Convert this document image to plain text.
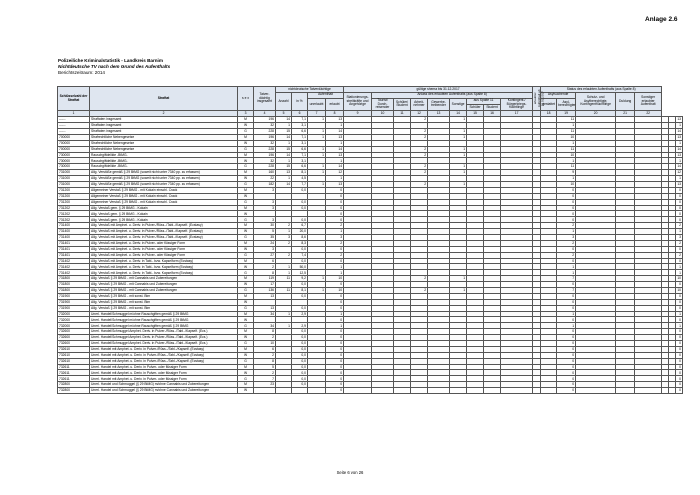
Anlage 2.6
Polizeiliche Kriminalstatistik - Landkreis Barnim
Nichtdeutsche TV nach dem Grund des Aufenthalts
Berichtszeitraum: 2014
Schlüsselzahl der Straftat	Straftat	s e x	Tatver-dächtig insgesamt	nichtdeutsche Tatverdächtige				gültige shema bis 31.12.2017									erlaubter Aufenthalt ab 01.01.2017	Status des erlaubten Aufenthalts (aus Spalte 8)							
				Anzahl	in %	Aufenthalt		Stationierungs-streitkräfte und Angehörige	Anlass des erlaubten Aufenthalts (aus Spalte 8)									Asylsuchende		Schutz- und Asylberechtigte, Kontingentflüchtlinge	Duldung	Sonstiger erlaubter Aufenthalt			
						unerlaubt	erlaubt		Tourist/ Durch-reisender	Schüler/ Student	Arbeit-nehmer	Gewerbe-treibender	Sonstige	aus Spalte 11		Kontingent-/ Bürgerkriegs-flüchtlinge		gestattet	Asyl-berechtigter						
														Schüler	Student										
1	2	3	4	5	6	7	8	9	10	11	12	13	14	15	16	17		18	19	20	21	22			
------	Straftaten insgesamt	M	196	14	7,1	1	13				2		1						11						13
------	Straftaten insgesamt	W	32	1	3,1		1												1						1
------	Straftaten insgesamt	G	228	15	6,6	1	14				2		1						11						14
700000	Strafrechtliche Nebengesetze	M	196	14	7,1	1	13				2		1						10						13
700000	Strafrechtliche Nebengesetze	W	32	1	3,1		1												1						1
700000	Strafrechtliche Nebengesetze	G	228	15	6,6	1	14				2		1						11						14
730000	Rauschgiftdelikte -BtMG-	M	196	14	7,1	1	13				2		1						10						13
730000	Rauschgiftdelikte -BtMG-	W	32	1	3,1		1												1						1
730000	Rauschgiftdelikte -BtMG-	G	228	15	6,6	1	14				2		1						11						14
731000	Allg. Verstöße gemäß § 29 BtMG (soweit nicht unter 7340 pp. zu erfassen)	M	160	13	8,1	1	12				2		1						9						12
731000	Allg. Verstöße gemäß § 29 BtMG (soweit nicht unter 7340 pp. zu erfassen)	W	22	1	4,5		1												1						1
731000	Allg. Verstöße gemäß § 29 BtMG (soweit nicht unter 7340 pp. zu erfassen)	G	182	14	7,7	1	13				2		1						10						13
731200	Allgemeiner Verstoß § 29 BtMG - mit Kokain einschl. Crack	M	3		0,0		0												0						0
731200	Allgemeiner Verstoß § 29 BtMG - mit Kokain einschl. Crack	W					0												0						0
731200	Allgemeiner Verstoß § 29 BtMG - mit Kokain einschl. Crack	G	3		0,0		0												0						0
731202	Allg. Verstoß gem. § 29 BtMG - Kokain	M	3		0,0		0												0						0
731202	Allg. Verstoß gem. § 29 BtMG - Kokain	W					0												0						0
731202	Allg. Verstoß gem. § 29 BtMG - Kokain	G	3		0,0		0												0						0
731400	Allg. Verstoß mit Amphet. u. Deriv. in Pulver-/Rüss.-/Tabl.-/Kapself. (Ecstasy)	M	30	2	6,7		2												2						2
731400	Allg. Verstoß mit Amphet. u. Deriv. in Pulver-/Rüss.-/Tabl.-/Kapself. (Ecstasy)	W	5	1	20,0		1												1						1
731400	Allg. Verstoß mit Amphet. u. Deriv. in Pulver-/Rüss.-/Tabl.-/Kapself. (Ecstasy)	G	35	3	8,6		3												3						3
731401	Allg. Verstoß mit Amphet. u. Deriv. in Pulver- oder flüssiger Form	M	24	2	8,3		2												2						2
731401	Allg. Verstoß mit Amphet. u. Deriv. in Pulver- oder flüssiger Form	W	3		0,0		0												0						0
731401	Allg. Verstoß mit Amphet. u. Deriv. in Pulver- oder flüssiger Form	G	27	2	7,4		2												2						2
731402	Allg. Verstoß mit Amphet. u. Deriv. in Tabl.- bzw. Kapselform (Ecstasy)	M	6		0,0		0												0						0
731402	Allg. Verstoß mit Amphet. u. Deriv. in Tabl.- bzw. Kapselform (Ecstasy)	W	2	1	50,0		1												1						1
731402	Allg. Verstoß mit Amphet. u. Deriv. in Tabl.- bzw. Kapselform (Ecstasy)	G	8	1	12,5		1												1						1
731800	Allg. Verstoß § 29 BtMG - mit Cannabis und Zubereitungen	M	119	11	9,2	1	10				2		1						7						10
731800	Allg. Verstoß § 29 BtMG - mit Cannabis und Zubereitungen	W	17		0,0		0												0						0
731800	Allg. Verstoß § 29 BtMG - mit Cannabis und Zubereitungen	G	136	11	8,1	1	10				2		1						7						10
731900	Allg. Verstoß § 29 BtMG - mit sonst. Btm	M	13		0,0		0												0						0
731900	Allg. Verstoß § 29 BtMG - mit sonst. Btm	W					0												0						0
731900	Allg. Verstoß § 29 BtMG - mit sonst. Btm	G	13		0,0		0												0						0
732000	Unerl. Handel/Schmuggel m/ohne Rauschgiften gemäß § 29 BtMG	M	34	1	2,9		1												1						1
732000	Unerl. Handel/Schmuggel m/ohne Rauschgiften gemäß § 29 BtMG	W					0												0						0
732000	Unerl. Handel/Schmuggel m/ohne Rauschgiften gemäß § 29 BtMG	G	34	1	2,9		1												1						1
732600	Unerl. Handel/Schmuggel Amphet. Deriv. in Pulver-/Rüss.-/Tabl.-/Kapself. (Ecs.)	M	8		0,0		0												0						0
732600	Unerl. Handel/Schmuggel Amphet. Deriv. in Pulver-/Rüss.-/Tabl.-/Kapself. (Ecs.)	W	2		0,0		0												0						0
732600	Unerl. Handel/Schmuggel Amphet. Deriv. in Pulver-/Rüss.-/Tabl.-/Kapself. (Ecs.)	G	10		0,0		0												0						0
732610	Unerl. Handel mit Amphet. u. Deriv. in Pulver-/Rüss.-/Tabl.-/Kapself. (Ecstasy)	M	6		0,0		0												0						0
732610	Unerl. Handel mit Amphet. u. Deriv. in Pulver-/Rüss.-/Tabl.-/Kapself. (Ecstasy)	W	2		0,0		0												0						0
732610	Unerl. Handel mit Amphet. u. Deriv. in Pulver-/Rüss.-/Tabl.-/Kapself. (Ecstasy)	G	8		0,0		0												0						0
732611	Unerl. Handel mit Amphet. u. Deriv. in Pulver- oder flüssiger Form	M	5		0,0		0												0						0
732611	Unerl. Handel mit Amphet. u. Deriv. in Pulver- oder flüssiger Form	W	2		0,0		0												0						0
732611	Unerl. Handel mit Amphet. u. Deriv. in Pulver- oder flüssiger Form	G	7		0,0		0												0						0
732800	Unerl. Handel und Schmuggel (§ 29 BtMG) m/ohne Cannabis und Zubereitungen	M	23		0,0		0												0						0
732800	Unerl. Handel und Schmuggel (§ 29 BtMG) m/ohne Cannabis und Zubereitungen	W					0												0						0
Seite 6 von 26
